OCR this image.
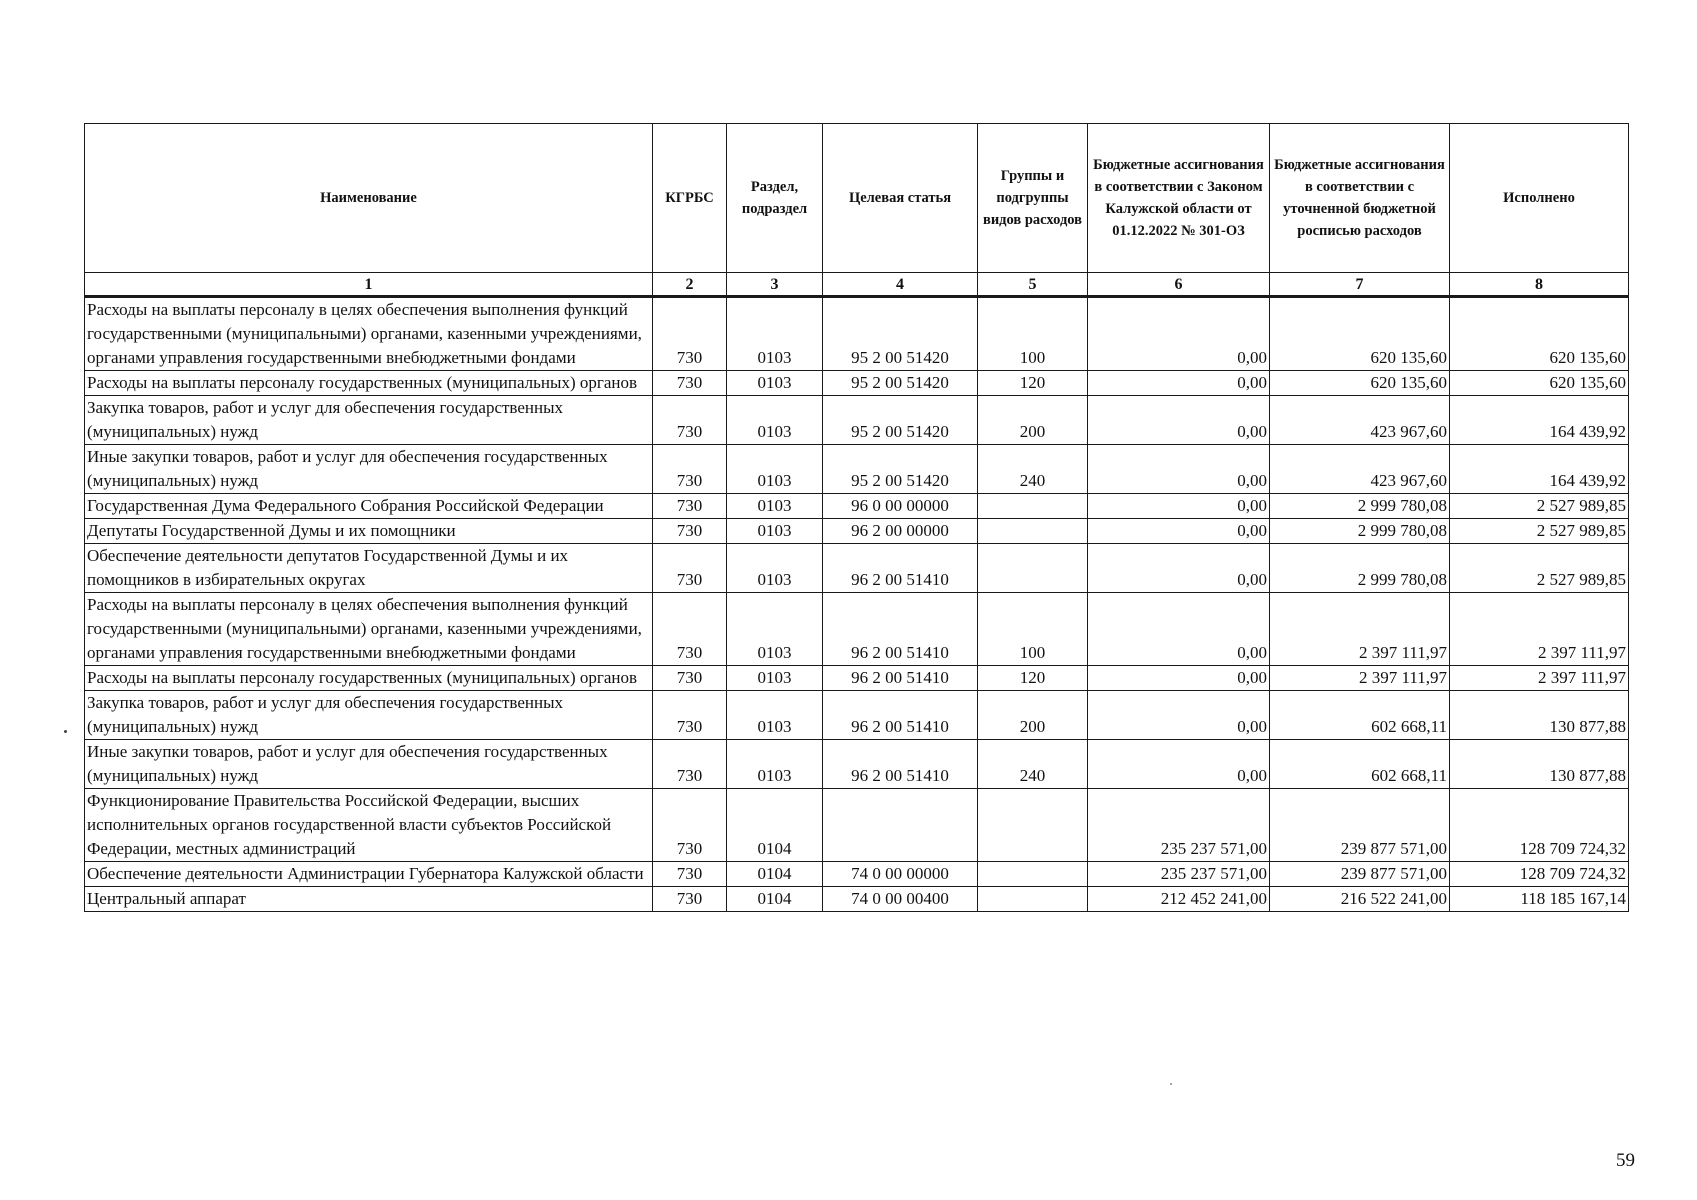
Наименование	КГРБС	Раздел, подраздел	Целевая статья	Группы и подгруппы видов расходов	Бюджетные ассигнования в соответствии с Законом Калужской области от 01.12.2022 № 301-ОЗ	Бюджетные ассигнования в соответствии с уточненной бюджетной росписью расходов	Исполнено
1	2	3	4	5	6	7	8
Расходы на выплаты персоналу в целях обеспечения выполнения функций государственными (муниципальными) органами, казенными учреждениями, органами управления государственными внебюджетными фондами	730	0103	95 2 00 51420	100	0,00	620 135,60	620 135,60
Расходы на выплаты персоналу государственных (муниципальных) органов	730	0103	95 2 00 51420	120	0,00	620 135,60	620 135,60
Закупка товаров, работ и услуг для обеспечения государственных (муниципальных) нужд	730	0103	95 2 00 51420	200	0,00	423 967,60	164 439,92
Иные закупки товаров, работ и услуг для обеспечения государственных (муниципальных) нужд	730	0103	95 2 00 51420	240	0,00	423 967,60	164 439,92
Государственная Дума Федерального Собрания Российской Федерации	730	0103	96 0 00 00000		0,00	2 999 780,08	2 527 989,85
Депутаты Государственной Думы и их помощники	730	0103	96 2 00 00000		0,00	2 999 780,08	2 527 989,85
Обеспечение деятельности депутатов Государственной Думы и их помощников в избирательных округах	730	0103	96 2 00 51410		0,00	2 999 780,08	2 527 989,85
Расходы на выплаты персоналу в целях обеспечения выполнения функций государственными (муниципальными) органами, казенными учреждениями, органами управления государственными внебюджетными фондами	730	0103	96 2 00 51410	100	0,00	2 397 111,97	2 397 111,97
Расходы на выплаты персоналу государственных (муниципальных) органов	730	0103	96 2 00 51410	120	0,00	2 397 111,97	2 397 111,97
Закупка товаров, работ и услуг для обеспечения государственных (муниципальных) нужд	730	0103	96 2 00 51410	200	0,00	602 668,11	130 877,88
Иные закупки товаров, работ и услуг для обеспечения государственных (муниципальных) нужд	730	0103	96 2 00 51410	240	0,00	602 668,11	130 877,88
Функционирование Правительства Российской Федерации, высших исполнительных органов государственной власти субъектов Российской Федерации, местных администраций	730	0104			235 237 571,00	239 877 571,00	128 709 724,32
Обеспечение деятельности Администрации Губернатора Калужской области	730	0104	74 0 00 00000		235 237 571,00	239 877 571,00	128 709 724,32
Центральный аппарат	730	0104	74 0 00 00400		212 452 241,00	216 522 241,00	118 185 167,14
59
